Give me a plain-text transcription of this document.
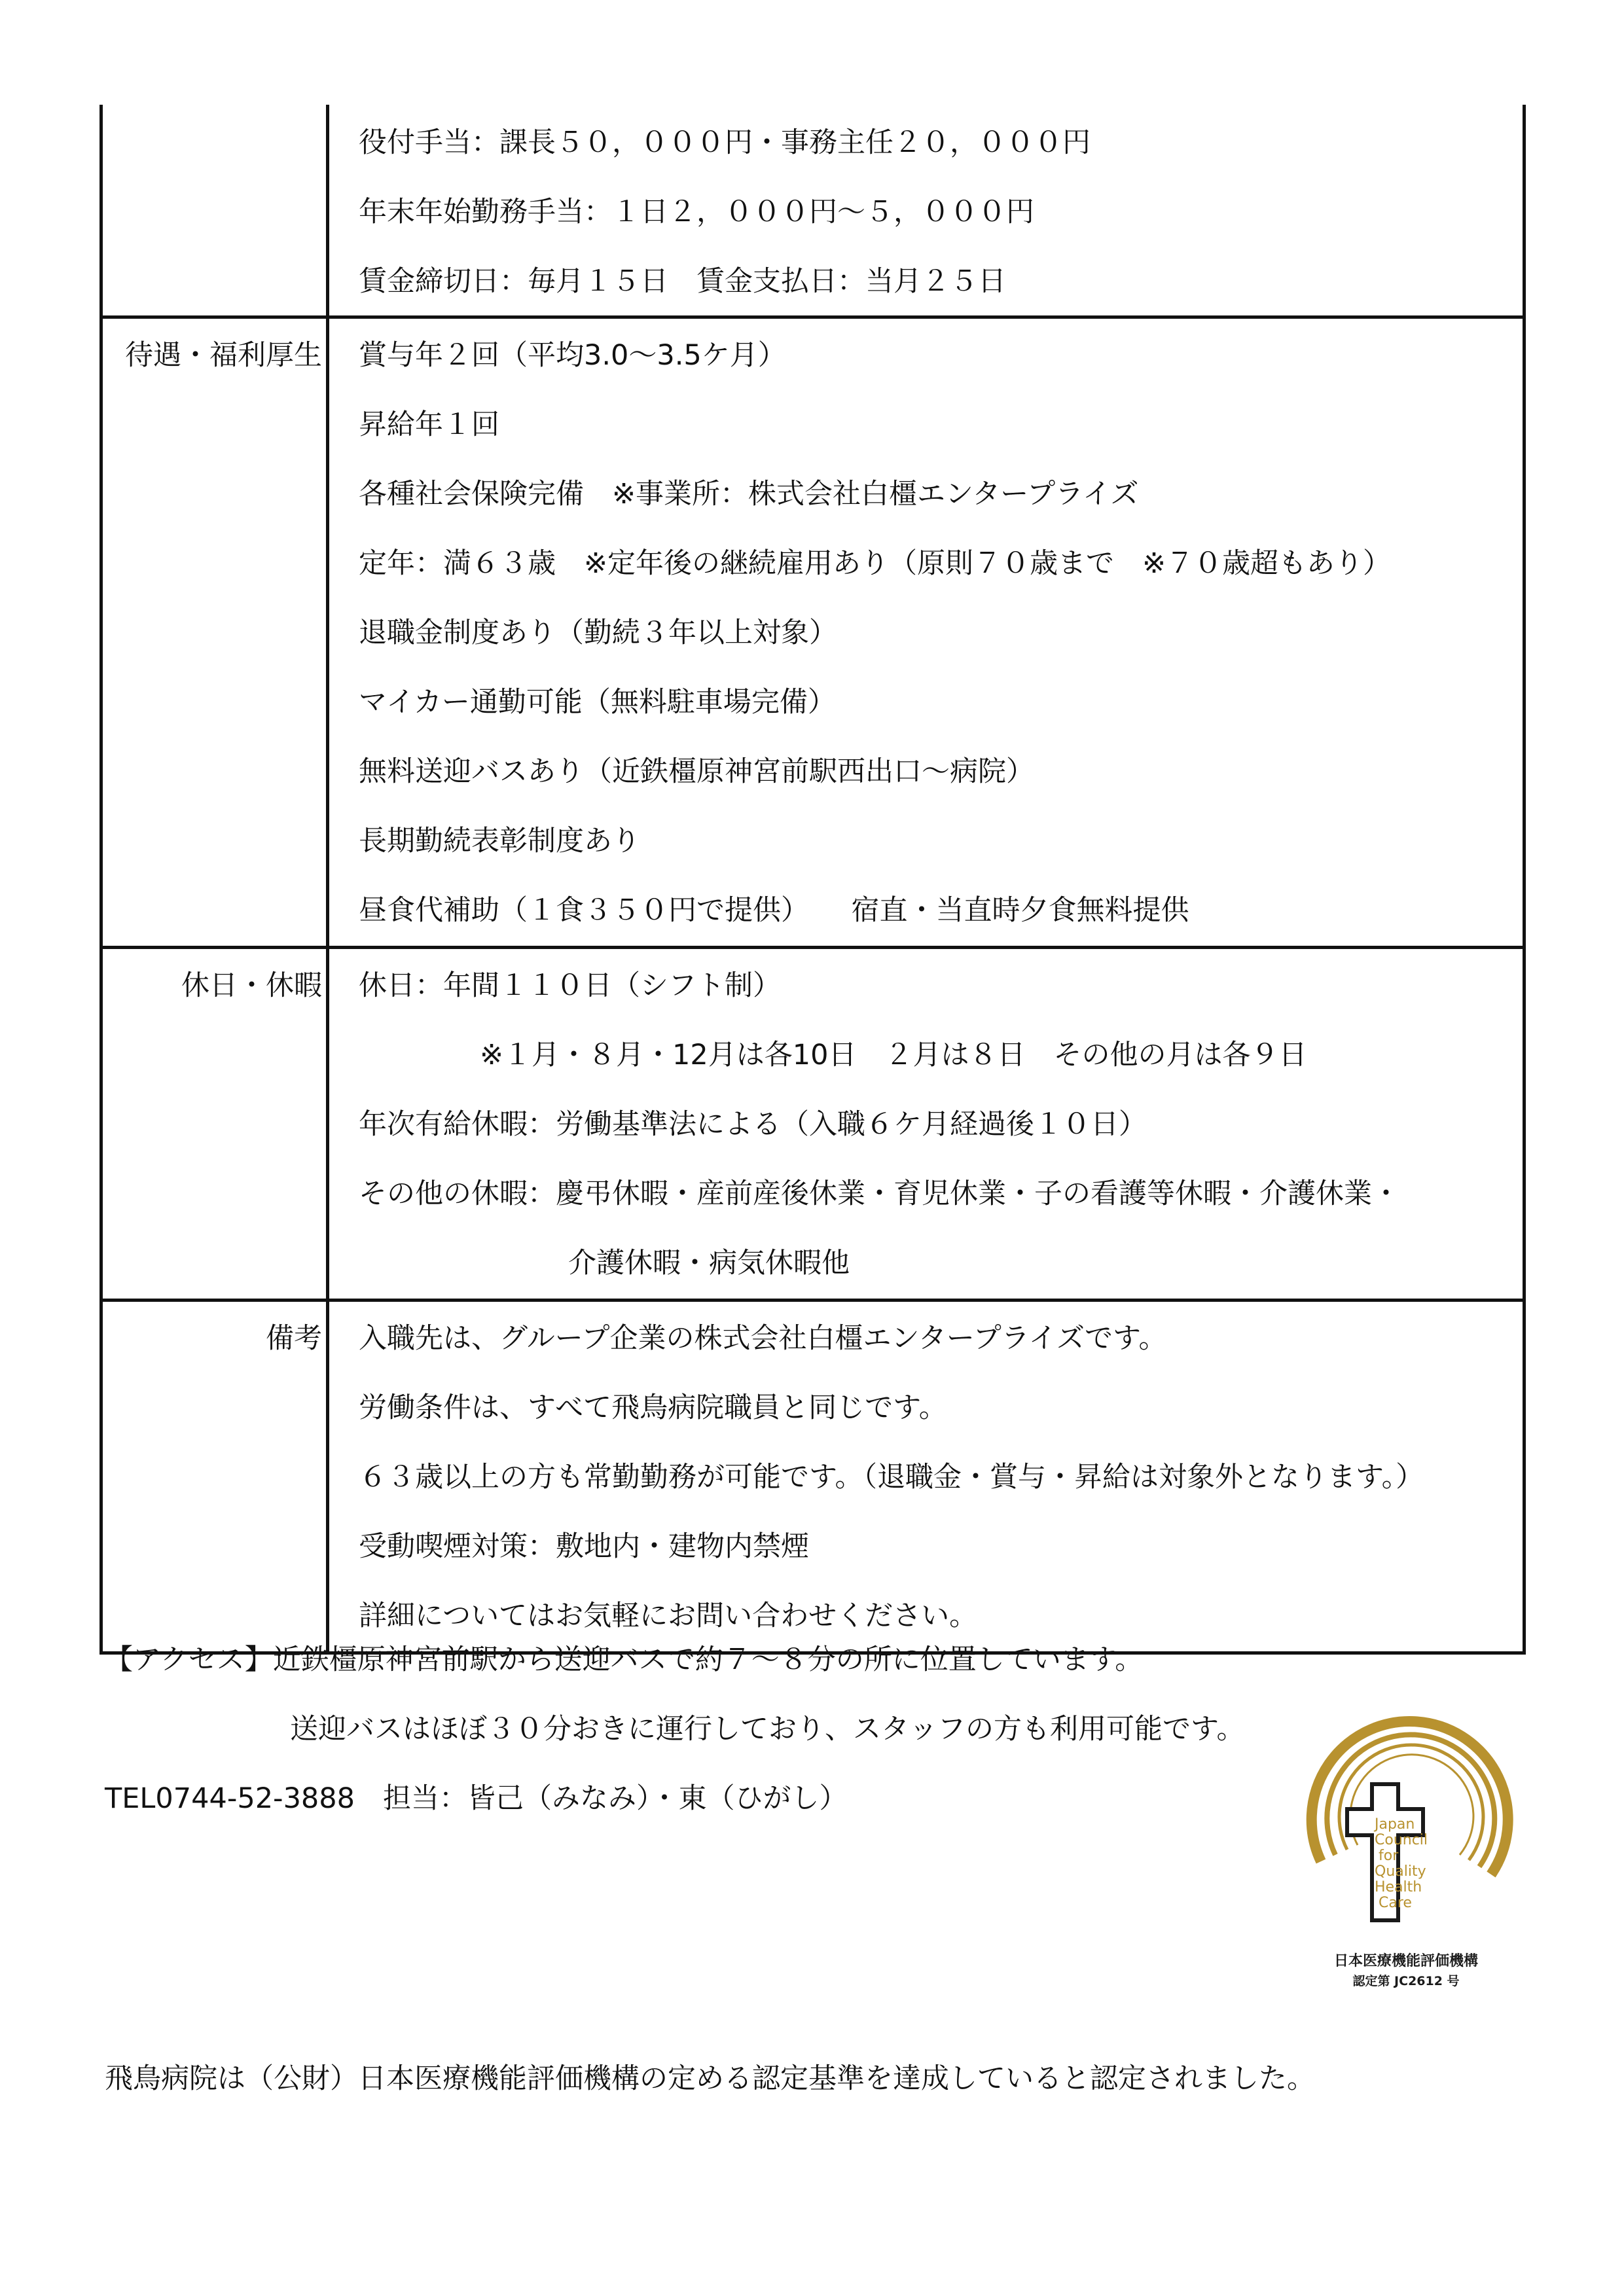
役付手当：課長５０，０００円・事務主任２０，０００円
年末年始勤務手当：１日２，０００円～５，０００円
賃金締切日：毎月１５日　賃金支払日：当月２５日
待遇・福利厚生 賞与年２回（平均3.0～3.5ケ月）
昇給年１回
各種社会保険完備　※事業所：株式会社白橿エンタープライズ
定年：満６３歳　※定年後の継続雇用あり（原則７０歳まで　※７０歳超もあり）
退職金制度あり（勤続３年以上対象）
マイカー通勤可能（無料駐車場完備）
無料送迎バスあり（近鉄橿原神宮前駅西出口～病院）
長期勤続表彰制度あり
昼食代補助（１食３５０円で提供）　　宿直・当直時夕食無料提供
休日・休暇 休日：年間１１０日（シフト制）
※１月・８月・12月は各10日　２月は８日　その他の月は各９日
年次有給休暇：労働基準法による（入職６ケ月経過後１０日）
その他の休暇：慶弔休暇・産前産後休業・育児休業・子の看護等休暇・介護休業・
介護休暇・病気休暇他
備考 入職先は、グループ企業の株式会社白橿エンタープライズです。
労働条件は、すべて飛鳥病院職員と同じです。
６３歳以上の方も常勤勤務が可能です。（退職金・賞与・昇給は対象外となります。）
受動喫煙対策：敷地内・建物内禁煙
詳細についてはお気軽にお問い合わせください。
【アクセス】近鉄橿原神宮前駅から送迎バスで約７～８分の所に位置しています。
送迎バスはほぼ３０分おきに運行しており、スタッフの方も利用可能です。
TEL0744-52-3888　担当：皆己（みなみ）・東（ひがし）
Japan
Council
for
Quality
Health
Care
日本医療機能評価機構
認定第 JC2612 号
飛鳥病院は（公財）日本医療機能評価機構の定める認定基準を達成していると認定されました。
